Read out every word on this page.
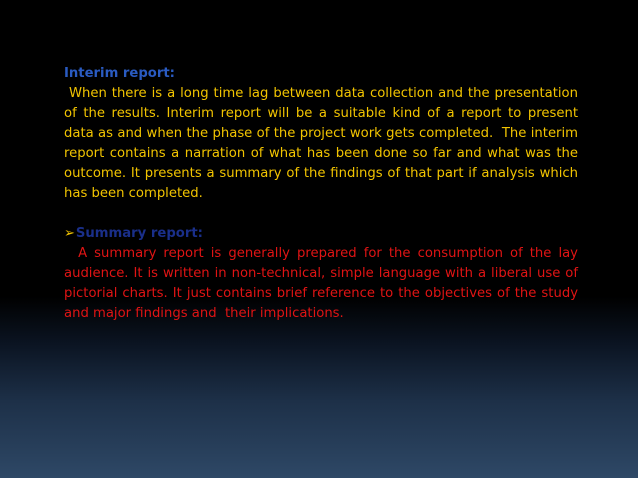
Interim report:

When there is a long time lag between data collection and the presentation of the results. Interim report will be a suitable kind of a report to present data as and when the phase of the project work gets completed.  The interim report contains a narration of what has been done so far and what was the outcome. It presents a summary of the findings of that part if analysis which has been completed.

➢ Summary report:

A summary report is generally prepared for the consumption of the lay audience. It is written in non-technical, simple language with a liberal use of pictorial charts. It just contains brief reference to the objectives of the study and major findings and  their implications.
